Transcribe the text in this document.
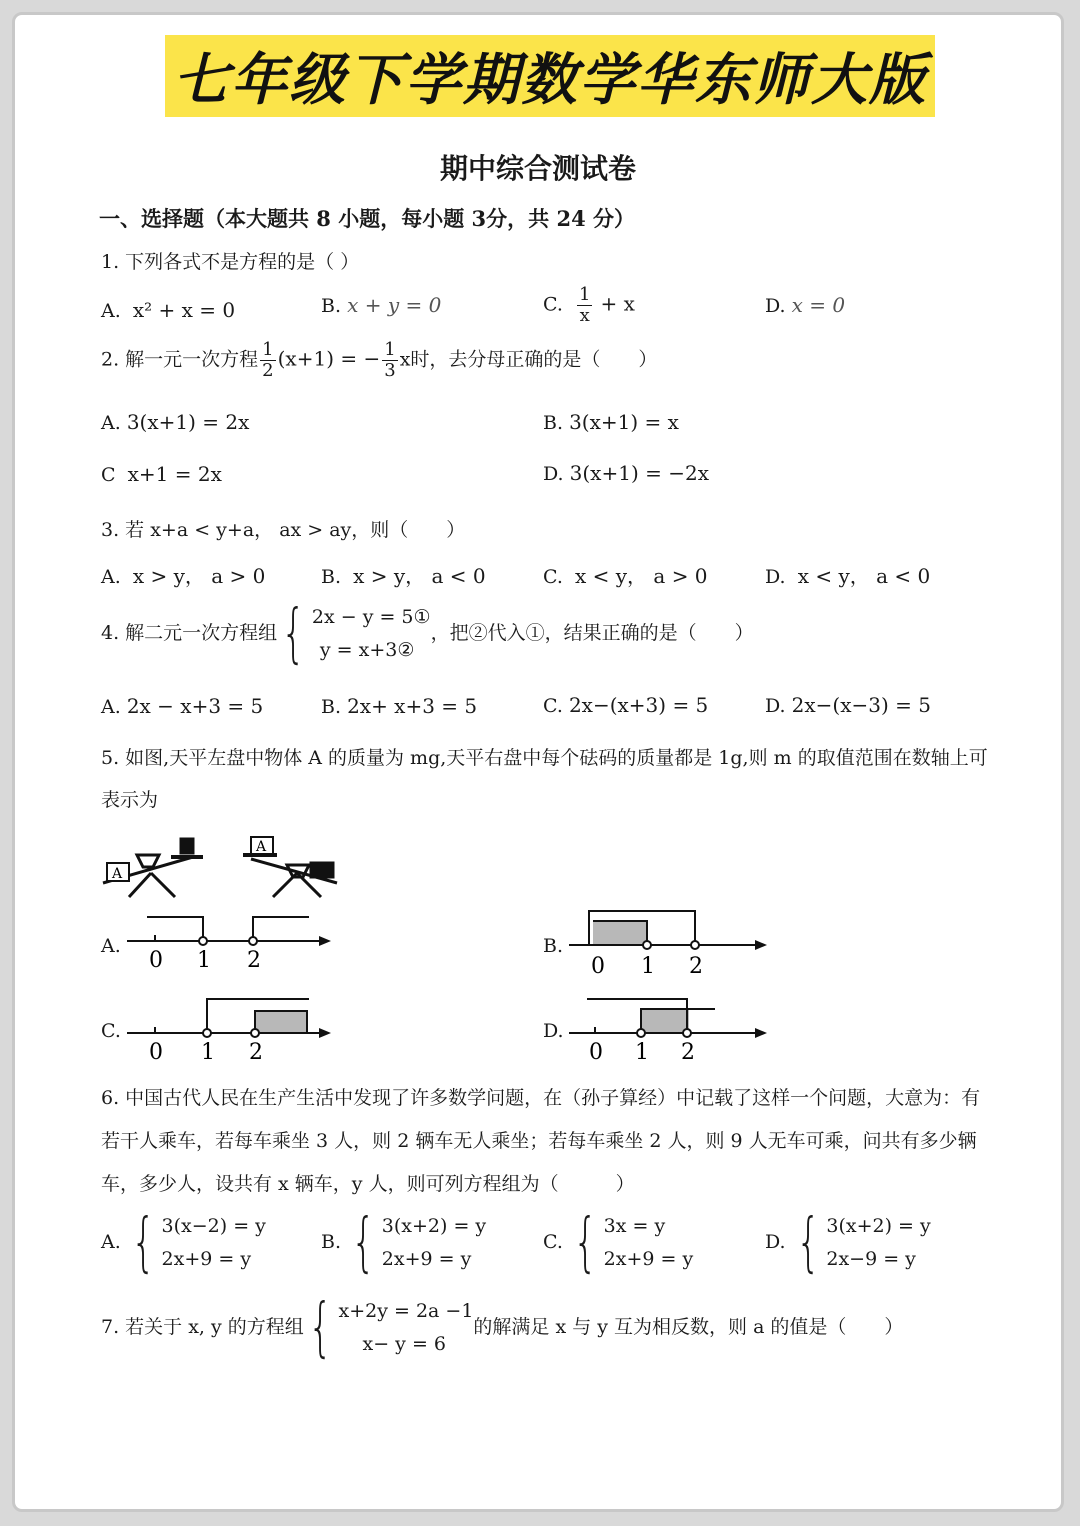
七年级下学期数学华东师大版
期中综合测试卷
一、选择题（本大题共 8 小题，每小题 3分，共 24 分）
1. 下列各式不是方程的是（ ）
A. x² + x = 0	B. x + y = 0	C. $\frac{1}{x} + x$	D. x = 0
2. 解一元一次方程 $\frac{1}{2} (x+1)$ = − $\frac{1}{3}$ x时，去分母正确的是（　　）
A. 3(x+1) = 2x	B. 3(x+1) = x
C x+1 = 2x	D. 3(x+1) = −2x
3. 若 x+a < y+a， ax > ay，则（　　）
A. x > y， a > 0	B. x > y， a < 0	C. x < y， a > 0	D. x < y， a < 0
4. 解二元一次方程组 { 2x − y = 5①
y = x+3②
，把②代入①，结果正确的是（　　）
A. 2x − x+3 = 5	B. 2x+ x+3 = 5	C. 2x−(x+3) = 5	D. 2x−(x−3) = 5
5. 如图,天平左盘中物体 A 的质量为 mg,天平右盘中每个砝码的质量都是 1g,则 m 的取值范围在数轴上可
表示为
A
A
A.
0 1 2
B.
0 1 2
C.
0 1 2
D.
0 1 2
6. 中国古代人民在生产生活中发现了许多数学问题，在（孙子算经）中记载了这样一个问题，大意为：有
若干人乘车，若每车乘坐 3 人，则 2 辆车无人乘坐；若每车乘坐 2 人，则 9 人无车可乘，问共有多少辆
车，多少人，设共有 x 辆车，y 人，则可列方程组为（　　　）
A. { 3(x−2) = y
2x+9 = y
B. { 3(x+2) = y
2x+9 = y
C. { 3x = y
2x+9 = y
D. { 3(x+2) = y
2x−9 = y
7. 若关于 x, y 的方程组 { x+2y = 2a −1
x− y = 6
的解满足 x 与 y 互为相反数，则 a 的值是（　　）
